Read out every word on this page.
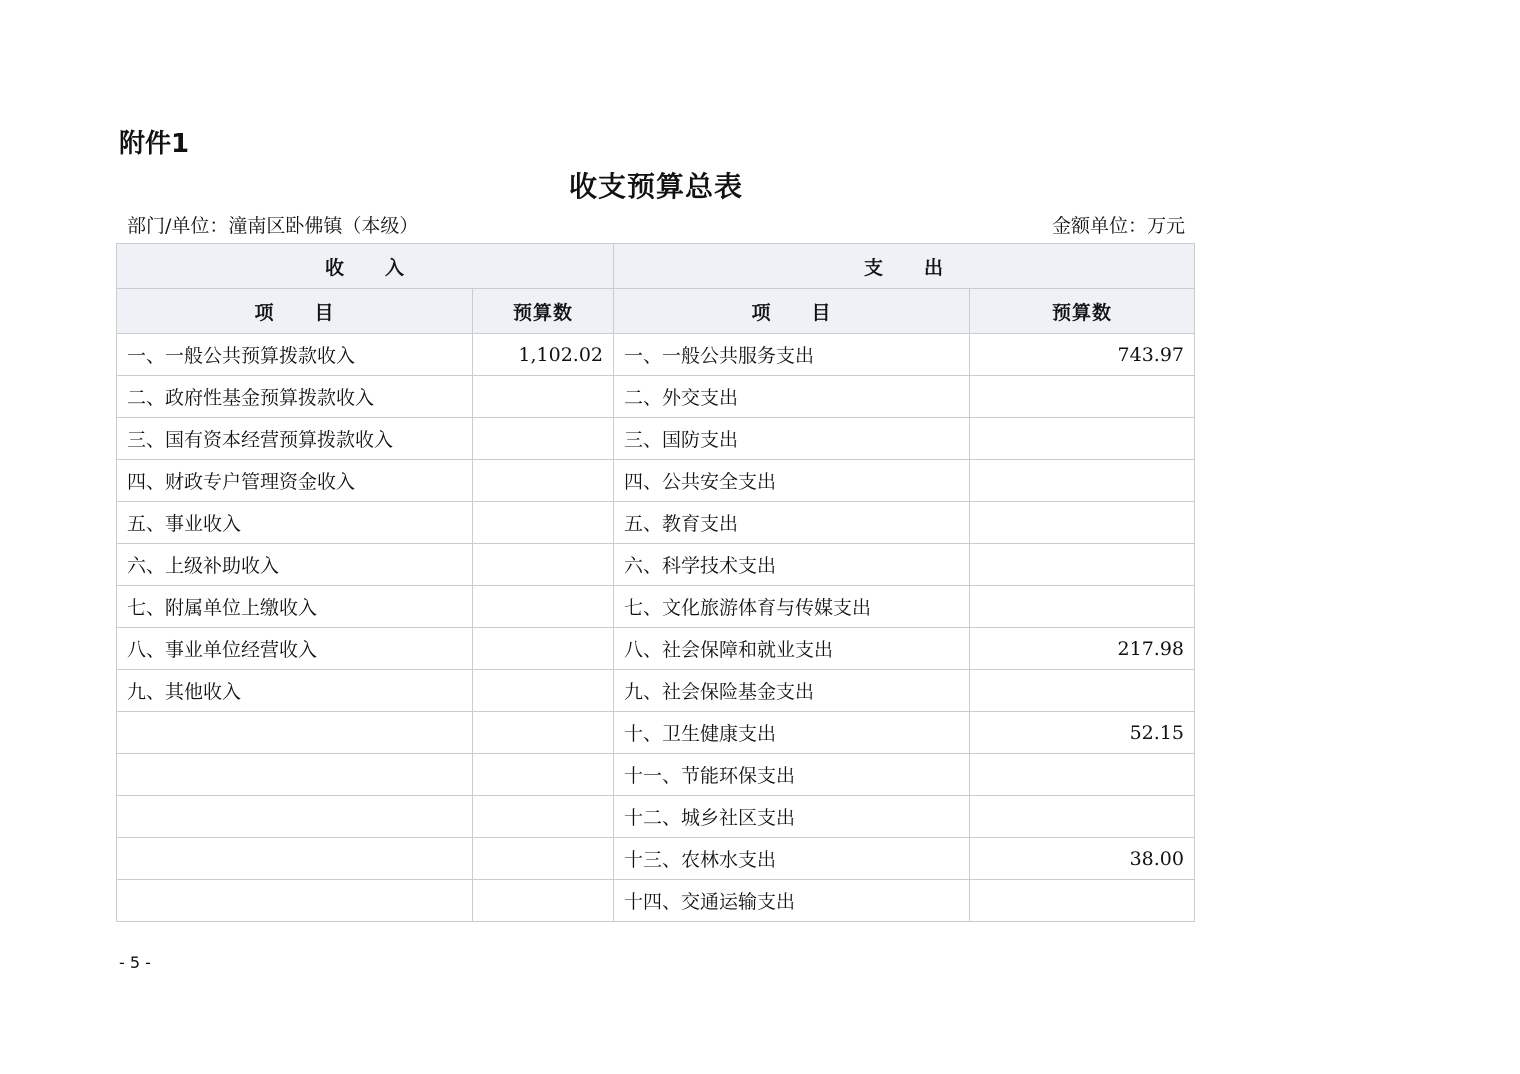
附件1
收支预算总表
部门/单位：潼南区卧佛镇（本级）	金额单位：万元
收　　入		支　　出	
项　　目	预算数	项　　目	预算数
一、一般公共预算拨款收入	1,102.02	一、一般公共服务支出	743.97
二、政府性基金预算拨款收入		二、外交支出	
三、国有资本经营预算拨款收入		三、国防支出	
四、财政专户管理资金收入		四、公共安全支出	
五、事业收入		五、教育支出	
六、上级补助收入		六、科学技术支出	
七、附属单位上缴收入		七、文化旅游体育与传媒支出	
八、事业单位经营收入		八、社会保障和就业支出	217.98
九、其他收入		九、社会保险基金支出	
		十、卫生健康支出	52.15
		十一、节能环保支出	
		十二、城乡社区支出	
		十三、农林水支出	38.00
		十四、交通运输支出	
- 5 -
